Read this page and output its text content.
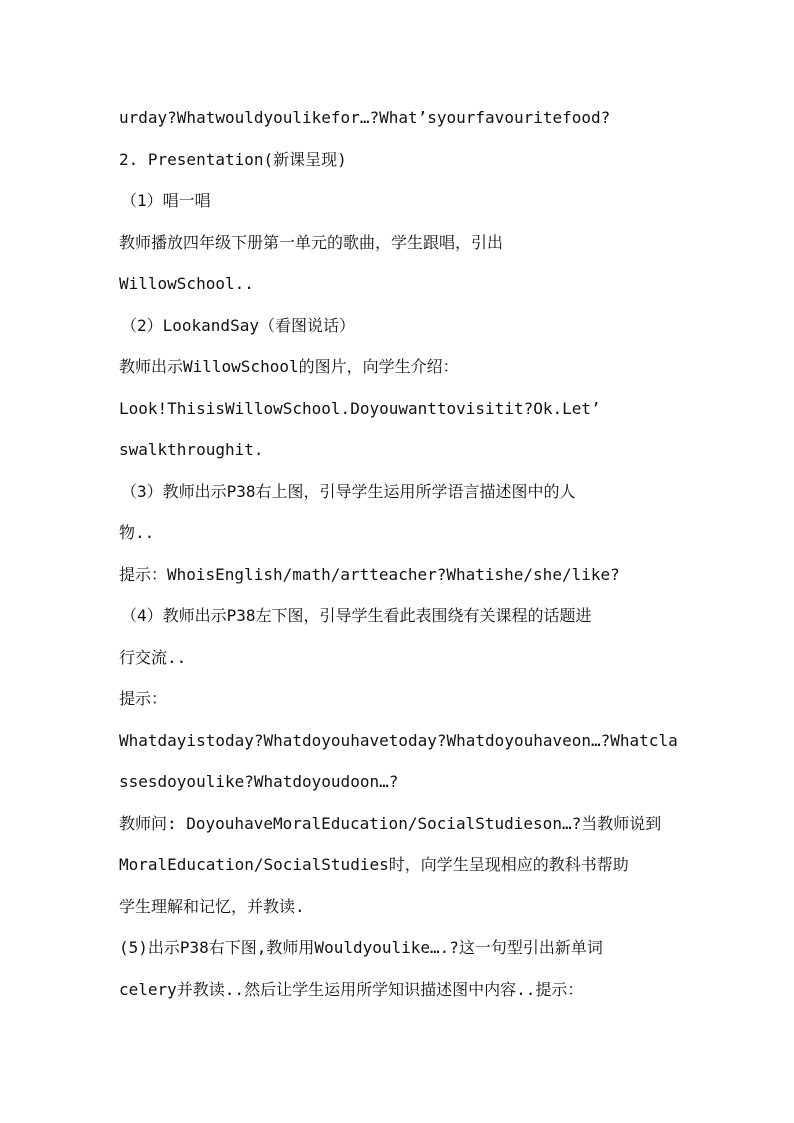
urday?Whatwouldyoulikefor…?What’syourfavouritefood?
2. Presentation(新课呈现)
（1）唱一唱
教师播放四年级下册第一单元的歌曲，学生跟唱，引出
WillowSchool..
（2）LookandSay（看图说话）
教师出示WillowSchool的图片，向学生介绍：
Look!ThisisWillowSchool.Doyouwanttovisitit?Ok.Let’
swalkthroughit.
（3）教师出示P38右上图，引导学生运用所学语言描述图中的人
物..
提示：WhoisEnglish/math/artteacher?Whatishe/she/like?
（4）教师出示P38左下图，引导学生看此表围绕有关课程的话题进
行交流..
提示：
Whatdayistoday?Whatdoyouhavetoday?Whatdoyouhaveon…?Whatcla
ssesdoyoulike?Whatdoyoudoon…?
教师问: DoyouhaveMoralEducation/SocialStudieson…?当教师说到
MoralEducation/SocialStudies时，向学生呈现相应的教科书帮助
学生理解和记忆，并教读.
(5)出示P38右下图,教师用Wouldyoulike….?这一句型引出新单词
celery并教读..然后让学生运用所学知识描述图中内容..提示：
